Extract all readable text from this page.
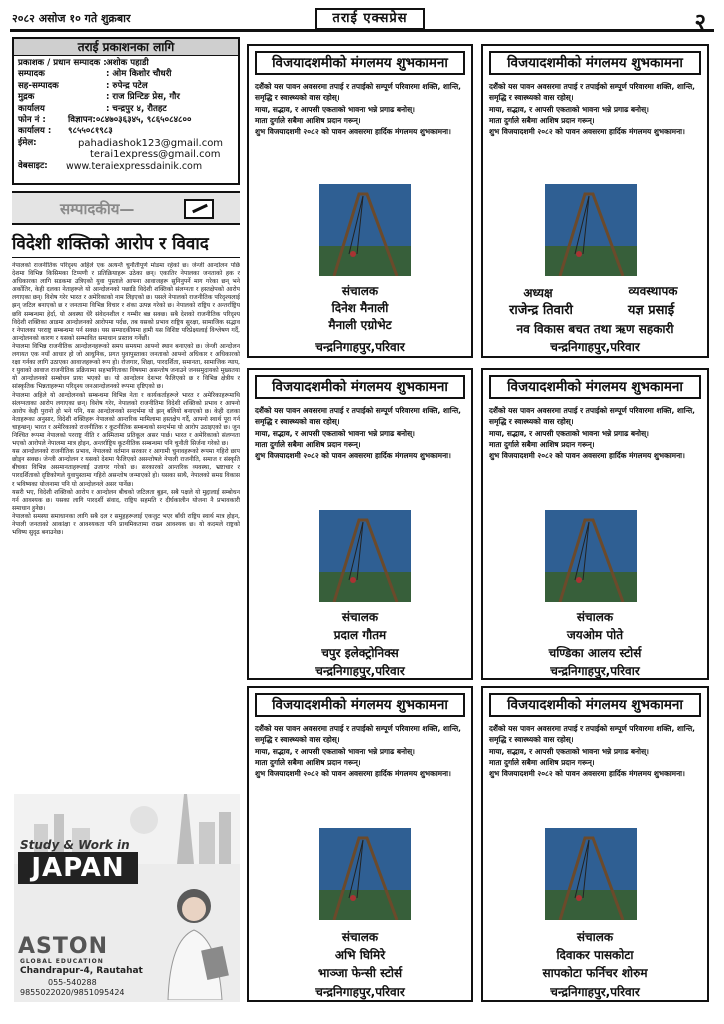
२०८२ असोज १० गते शुक्रबार	तराई एक्सप्रेस	२
तराई प्रकाशनका लागि
प्रकाशक / प्रधान सम्पादक : अशोक पहाडी
सम्पादक	: ओम किशोर चौधरी
सह-सम्पादक	: रुपेन्द्र पटेल
मुद्रक	: राज प्रिन्टिङ प्रेस, गौर
कार्यालय	: चन्द्रपुर ४, रौतहट
फोन नं :	विज्ञापन:०८४७०३६३४५, ९८६५०८४८००
कार्यालय :	९८५५०८१९८३
ईमेल:	pahadiashok123@gmail.com
terai1express@gmail.com
वेबसाइट:	www.teraiexpressdainik.com
सम्पादकीय—
विदेशी शक्तिको आरोप र विवाद

नेपालको राजनीतिक परिदृश्य अहिले एक अत्यन्तै चुनौतीपूर्ण मोडमा रहेको छ। जेन्जी आन्दोलन पछि देशमा विभिन्न किसिमका टिप्पणी र प्रतिक्रियाहरू उठेका छन्। एकातिर नेपालका जनताको हक र अधिकारका लागि सडकमा उत्रिएको युवा पुस्ताले आफ्ना आवाजहरू सुनिनुपर्ने माग गरेका छन् भने अर्कोतिर, केही दलका नेताहरूले यो आन्दोलनको पछाडि विदेशी शक्तिको संलग्नता र हस्तक्षेपको आरोप लगाएका छन्। विशेष गरेर भारत र अमेरिकाको नाम लिइएको छ। यसले नेपालको राजनीतिक परिदृश्यलाई झन् जटिल बनाएको छ र जनतामा विभिन्न विचार र शंका उत्पन्न गरेको छ। नेपालको राष्ट्रिय र अन्तर्राष्ट्रिय छवि सम्बन्धमा हेर्दा, यो अवस्था धेरै संवेदनशील र गम्भीर बन्न सक्छ। सबै देशको राजनीतिक परिदृश्य विदेशी शक्तिका आडमा आन्दोलनको आरोपमा पर्दछ, तब यसको प्रभाव राष्ट्रिय सुरक्षा, सामाजिक सद्भाव र नेपालका परराष्ट्र सम्बन्धमा पर्न सक्छ। यस सम्पादकीयमा हामी यस विशिष्ट परिप्रेक्ष्यलाई विश्लेषण गर्दै, आन्दोलनको कारण र यसको सम्भावित समाधान प्रस्ताव गर्नेछौं।

नेपालमा विभिन्न राजनीतिक आन्दोलनहरूको समय समयमा आफ्नो स्थान बनाएको छ। जेन्जी आन्दोलन लगायत एक नयाँ आधार हो जो आधुनिक, प्रगत युवापुस्ताका जनताको आफ्नो अधिकार र अधिकारको रक्षा गर्नका लागि उठाएका आवाजहरूको रूप हो। रोजगार, शिक्षा, पारदर्शिता, समानता, सामाजिक न्याय, र युवाको आवाज राजनीतिक प्रक्रियामा सहभागिताका विषयमा असन्तोष जनाउने जनसमुदायको मुख्यतया यो आन्दोलनको सम्बोधन प्रायः भएको छ। यो आन्दोलन देशभर फैलिएको छ र विभिन्न क्षेत्रीय र सांस्कृतिक भिन्नताहरूमा परिदृश्य जनआन्दोलनको रूपमा दृष्टिएको छ।

नेपालमा अहिले यो आन्दोलनको सम्बन्धमा विभिन्न नेता र कार्यकर्ताहरूले भारत र अमेरिकाहरूमाथि संलग्नताका आरोप लगाएका छन्। विशेष गरेर, नेपालको राजनीतिमा विदेशी शक्तिको प्रभाव र आफ्नो आरोप केही पुरानो हो भने पनि, यस आन्दोलनको सन्दर्भमा यो झन् बलियो बनाएको छ। केही दलका नेताहरूका अनुसार, विदेशी शक्तिहरू नेपालको आन्तरिक मामिलामा हस्तक्षेप गर्दै, आफ्नो स्वार्थ पूरा गर्न चाहन्छन्। भारत र अमेरिकाको राजनीतिक र कूटनीतिक सम्बन्धको सन्दर्भमा यो आरोप उठाइएको छ। जुन निश्चित रूपमा नेपालको परराष्ट्र नीति र अस्मितामा प्रतिकूल असर पार्छ। भारत र अमेरिकाको संलग्नता भएको आरोपले नेपालमा मात्र होइन, अन्तर्राष्ट्रिय कूटनीतिक सम्बन्धमा पनि चुनौती सिर्जना गरेको छ।

यस आन्दोलनको राजनीतिक प्रभाव, नेपालको वर्तमान सरकार र आगामी चुनावहरूको रूपमा गहिरो छाप छोड्न सक्छ। जेन्जी आन्दोलन र यसको देशमा फैलिएको असन्तोषले नेपाली राजनीति, समाज र संस्कृति बीचका विभिन्न असमानताहरूलाई उजागर गरेको छ। सरकारको आन्तरिक व्यवस्था, भ्रष्टाचार र पारदर्शिताको दृष्टिकोणले युवापुस्तामा गहिरो असन्तोष जन्माएको हो। यसका साथै, नेपालको समग्र विकास र भविष्यका योजनामा पनि यो आन्दोलनले असर पार्नेछ।

यसरी भए, विदेशी शक्तिको आरोप र आन्दोलन बीचको जटिलता बुझ्न, सबै पक्षले यो मुद्दालाई सम्बोधन गर्न आवश्यक छ। यसका लागि पारदर्शी संवाद, राष्ट्रिय सहमति र दीर्घकालीन योजना नै प्रभावकारी समाधान हुनेछ।

नेपालको समस्या समाधानका लागि सबै दल र समुहहरूलाई एकजुट भएर बाँधी राष्ट्रिय स्वार्थ मात्र होइन, नेपाली जनताको आकांक्षा र आवश्यकता पनि प्राथमिकतामा राख्न आवश्यक छ। यो कदमले राष्ट्रको भविष्य सुदृढ बनाउनेछ।

Study & Work in
JAPAN
ASTON
GLOBAL EDUCATION
Chandrapur-4, Rautahat
055-540288
9855022020/9851095424
विजयादशमीको मंगलमय शुभकामना
दशैंको यस पावन अवसरमा तपाई र तपाईको सम्पूर्ण परिवारमा शक्ति, शान्ति, समृद्धि र स्वास्थ्यको वास रहोस्।
माया, सद्भाव, र आपसी एकताको भावना भन्ने प्रगाढ बनोस्।
माता दुर्गाले सबैमा आशिष प्रदान गरून्।
शुभ विजयादशमी २०८२ को पावन अवसरमा हार्दिक मंगलमय शुभकामना।
संचालक
दिनेश मैनाली
मैनाली एग्रोभेट
चन्द्रनिगाहपुर,परिवार
विजयादशमीको मंगलमय शुभकामना
दशैंको यस पावन अवसरमा तपाई र तपाईको सम्पूर्ण परिवारमा शक्ति, शान्ति, समृद्धि र स्वास्थ्यको वास रहोस्।
माया, सद्भाव, र आपसी एकताको भावना भन्ने प्रगाढ बनोस्।
माता दुर्गाले सबैमा आशिष प्रदान गरून्।
शुभ विजयादशमी २०८२ को पावन अवसरमा हार्दिक मंगलमय शुभकामना।
अध्यक्ष	व्यवस्थापक
राजेन्द्र तिवारी	यज्ञ प्रसाई
नव विकास बचत तथा ऋण सहकारी
चन्द्रनिगाहपुर,परिवार
विजयादशमीको मंगलमय शुभकामना
दशैंको यस पावन अवसरमा तपाई र तपाईको सम्पूर्ण परिवारमा शक्ति, शान्ति, समृद्धि र स्वास्थ्यको वास रहोस्।
माया, सद्भाव, र आपसी एकताको भावना भन्ने प्रगाढ बनोस्।
माता दुर्गाले सबैमा आशिष प्रदान गरून्।
शुभ विजयादशमी २०८२ को पावन अवसरमा हार्दिक मंगलमय शुभकामना।
संचालक
प्रदाल गौतम
चपुर इलेक्ट्रोनिक्स
चन्द्रनिगाहपुर,परिवार
विजयादशमीको मंगलमय शुभकामना
दशैंको यस पावन अवसरमा तपाई र तपाईको सम्पूर्ण परिवारमा शक्ति, शान्ति, समृद्धि र स्वास्थ्यको वास रहोस्।
माया, सद्भाव, र आपसी एकताको भावना भन्ने प्रगाढ बनोस्।
माता दुर्गाले सबैमा आशिष प्रदान गरून्।
शुभ विजयादशमी २०८२ को पावन अवसरमा हार्दिक मंगलमय शुभकामना।
संचालक
जयओम पोते
चण्डिका आलय स्टोर्स
चन्द्रनिगाहपुर,परिवार
विजयादशमीको मंगलमय शुभकामना
दशैंको यस पावन अवसरमा तपाई र तपाईको सम्पूर्ण परिवारमा शक्ति, शान्ति, समृद्धि र स्वास्थ्यको वास रहोस्।
माया, सद्भाव, र आपसी एकताको भावना भन्ने प्रगाढ बनोस्।
माता दुर्गाले सबैमा आशिष प्रदान गरून्।
शुभ विजयादशमी २०८२ को पावन अवसरमा हार्दिक मंगलमय शुभकामना।
संचालक
अभि घिमिरे
भाञ्जा फेन्सी स्टोर्स
चन्द्रनिगाहपुर,परिवार
विजयादशमीको मंगलमय शुभकामना
दशैंको यस पावन अवसरमा तपाई र तपाईको सम्पूर्ण परिवारमा शक्ति, शान्ति, समृद्धि र स्वास्थ्यको वास रहोस्।
माया, सद्भाव, र आपसी एकताको भावना भन्ने प्रगाढ बनोस्।
माता दुर्गाले सबैमा आशिष प्रदान गरून्।
शुभ विजयादशमी २०८२ को पावन अवसरमा हार्दिक मंगलमय शुभकामना।
संचालक
दिवाकर पासकोटा
सापकोटा फर्निचर शोरुम
चन्द्रनिगाहपुर,परिवार
